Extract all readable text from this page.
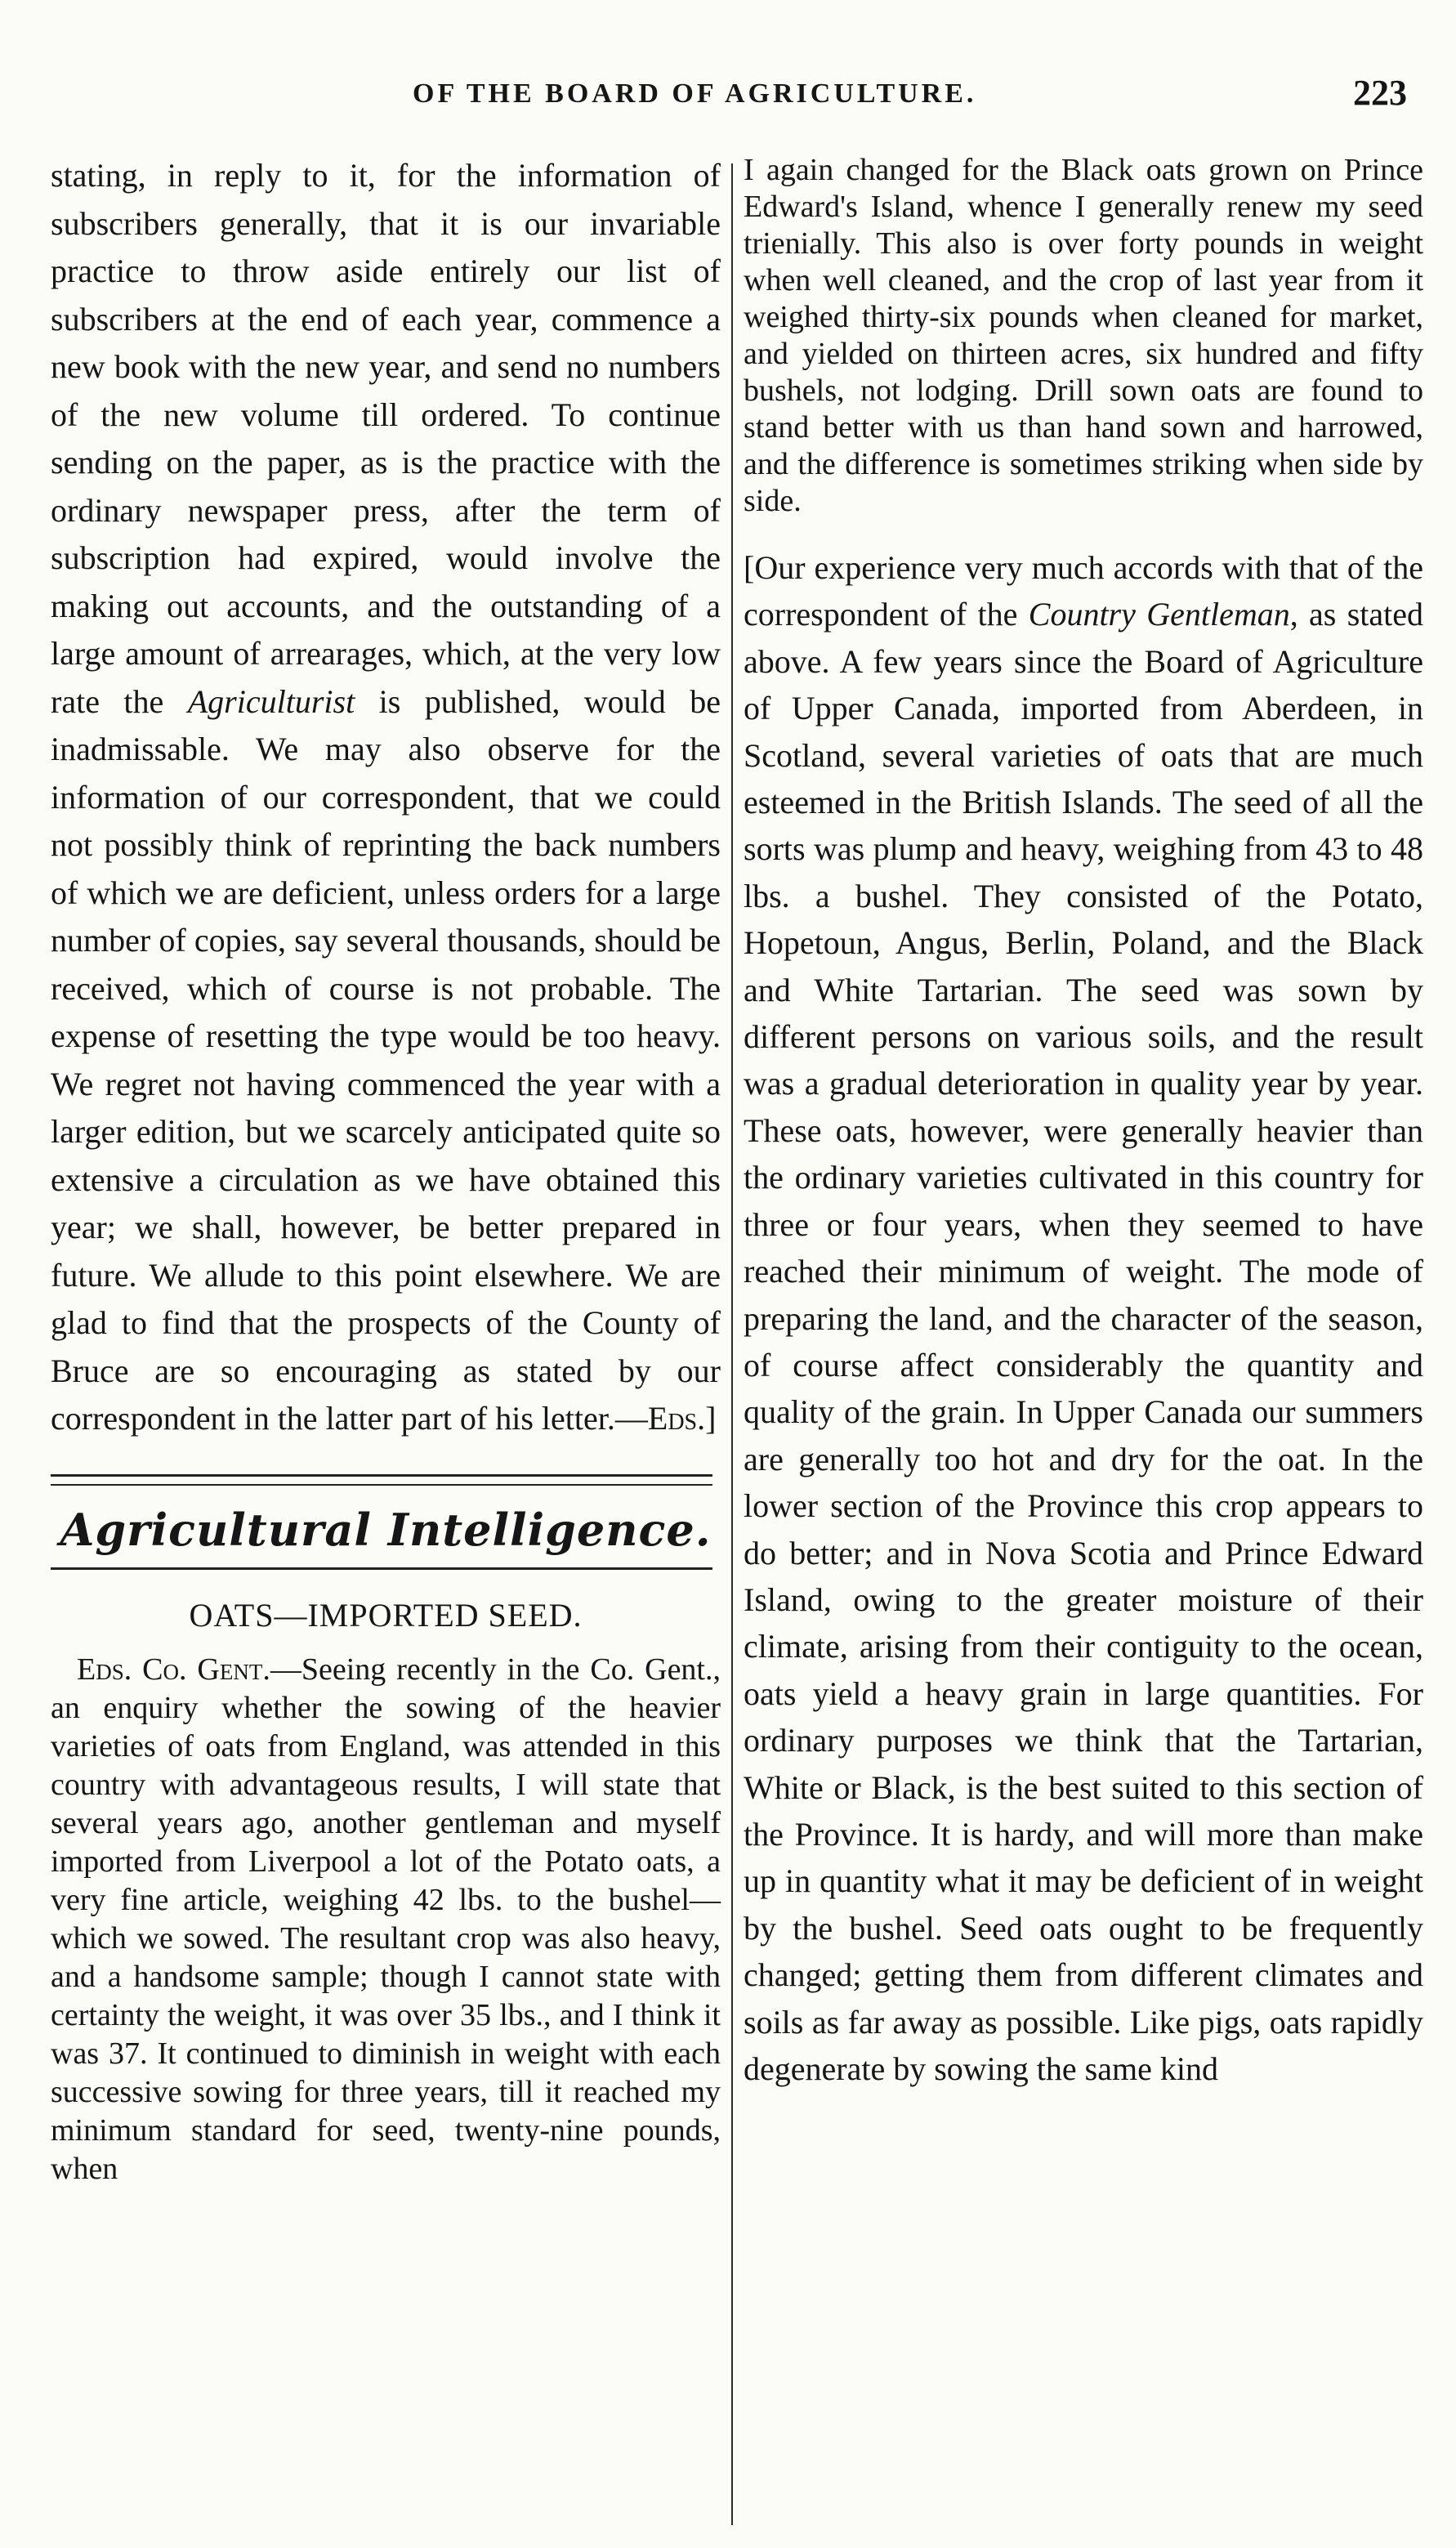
OF THE BOARD OF AGRICULTURE.	223

stating, in reply to it, for the information of subscribers generally, that it is our invariable practice to throw aside entirely our list of subscribers at the end of each year, commence a new book with the new year, and send no numbers of the new volume till ordered. To continue sending on the paper, as is the practice with the ordinary newspaper press, after the term of subscription had expired, would involve the making out accounts, and the outstanding of a large amount of arrearages, which, at the very low rate the Agriculturist is published, would be inadmissable. We may also observe for the information of our correspondent, that we could not possibly think of reprinting the back numbers of which we are deficient, unless orders for a large number of copies, say several thousands, should be received, which of course is not probable. The expense of resetting the type would be too heavy. We regret not having commenced the year with a larger edition, but we scarcely anticipated quite so extensive a circulation as we have obtained this year; we shall, however, be better prepared in future. We allude to this point elsewhere. We are glad to find that the prospects of the County of Bruce are so encouraging as stated by our correspondent in the latter part of his letter.—Eds.]

Agricultural Intelligence.
OATS—IMPORTED SEED.

Eds. Co. Gent.—Seeing recently in the Co. Gent., an enquiry whether the sowing of the heavier varieties of oats from England, was attended in this country with advantageous results, I will state that several years ago, another gentleman and myself imported from Liverpool a lot of the Potato oats, a very fine article, weighing 42 lbs. to the bushel—which we sowed. The resultant crop was also heavy, and a handsome sample; though I cannot state with certainty the weight, it was over 35 lbs., and I think it was 37. It continued to diminish in weight with each successive sowing for three years, till it reached my minimum standard for seed, twenty-nine pounds, when

I again changed for the Black oats grown on Prince Edward's Island, whence I generally renew my seed trienially. This also is over forty pounds in weight when well cleaned, and the crop of last year from it weighed thirty-six pounds when cleaned for market, and yielded on thirteen acres, six hundred and fifty bushels, not lodging. Drill sown oats are found to stand better with us than hand sown and harrowed, and the difference is sometimes striking when side by side.

[Our experience very much accords with that of the correspondent of the Country Gentleman, as stated above. A few years since the Board of Agriculture of Upper Canada, imported from Aberdeen, in Scotland, several varieties of oats that are much esteemed in the British Islands. The seed of all the sorts was plump and heavy, weighing from 43 to 48 lbs. a bushel. They consisted of the Potato, Hopetoun, Angus, Berlin, Poland, and the Black and White Tartarian. The seed was sown by different persons on various soils, and the result was a gradual deterioration in quality year by year. These oats, however, were generally heavier than the ordinary varieties cultivated in this country for three or four years, when they seemed to have reached their minimum of weight. The mode of preparing the land, and the character of the season, of course affect considerably the quantity and quality of the grain. In Upper Canada our summers are generally too hot and dry for the oat. In the lower section of the Province this crop appears to do better; and in Nova Scotia and Prince Edward Island, owing to the greater moisture of their climate, arising from their contiguity to the ocean, oats yield a heavy grain in large quantities. For ordinary purposes we think that the Tartarian, White or Black, is the best suited to this section of the Province. It is hardy, and will more than make up in quantity what it may be deficient of in weight by the bushel. Seed oats ought to be frequently changed; getting them from different climates and soils as far away as possible. Like pigs, oats rapidly degenerate by sowing the same kind
